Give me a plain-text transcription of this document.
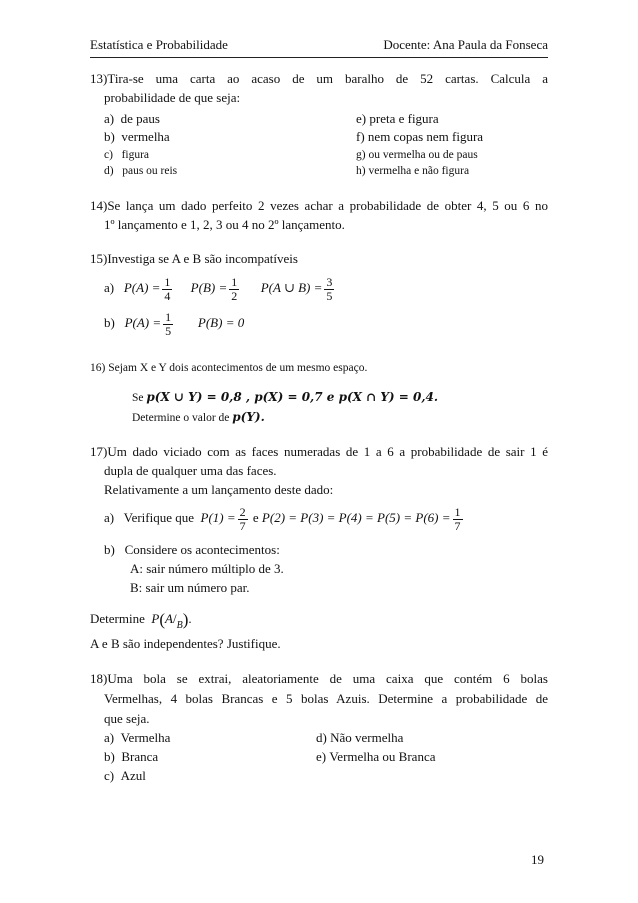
Estatística e Probabilidade	Docente: Ana Paula da Fonseca
13)Tira-se uma carta ao acaso de um baralho de 52 cartas. Calcula a
probabilidade de que seja:
a) de paus	e) preta e figura
b) vermelha	f) nem copas nem figura
c) figura	g) ou vermelha ou de paus
d) paus ou reis	h) vermelha e não figura
14)Se lança um dado perfeito 2 vezes achar a probabilidade de obter 4, 5 ou 6 no
1º lançamento e 1, 2, 3 ou 4 no 2º lançamento.
15)Investiga se A e B são incompatíveis
a) $P(A) = \frac{1}{4} P(B) = \frac{1}{2} P(A$ ∪ $B) = \frac{3}{5}$
b) $P(A) = \frac{1}{5} P(B) = 0$
16) Sejam X e Y dois acontecimentos de um mesmo espaço.
Se p(X ∪ Y) = 0,8 , p(X) = 0,7 e p(X ∩ Y) = 0,4.
Determine o valor de p(Y).
17)Um dado viciado com as faces numeradas de 1 a 6 a probabilidade de sair 1 é
dupla de qualquer uma das faces.
Relativamente a um lançamento deste dado:
a) Verifique que $P(1) = \frac{2}{7}$ e $P(2) = P(3) = P(4) = P(5) = P(6) = \frac{1}{7}$
b) Considere os acontecimentos:
A: sair número múltiplo de 3.
B: sair um número par.
Determine $P(A/_B)$.
A e B são independentes? Justifique.
18)Uma bola se extrai, aleatoriamente de uma caixa que contém 6 bolas
Vermelhas, 4 bolas Brancas e 5 bolas Azuis. Determine a probabilidade de
que seja.
a) Vermelha	d) Não vermelha
b) Branca	e) Vermelha ou Branca
c) Azul
19
